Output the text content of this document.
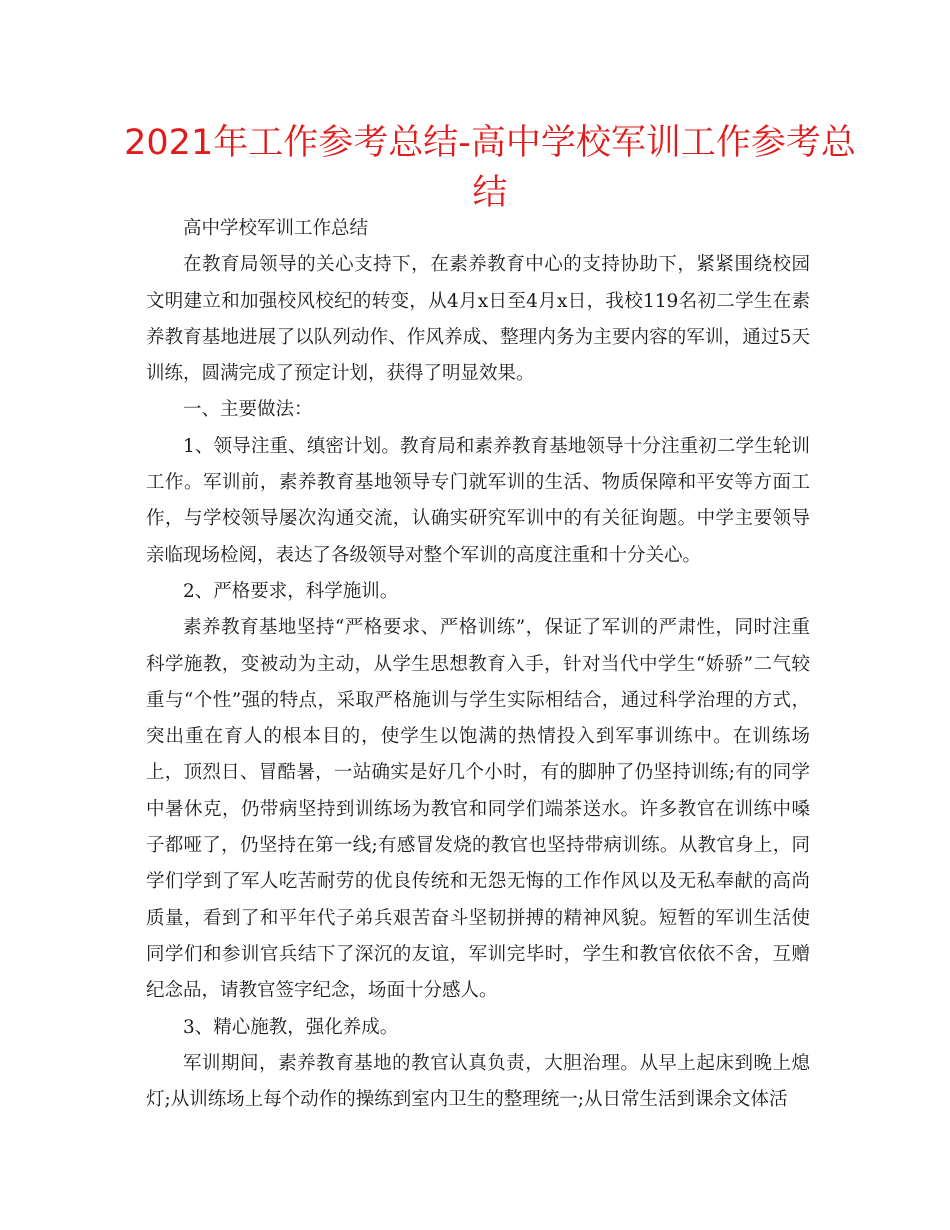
2021年工作参考总结-高中学校军训工作参考总结

高中学校军训工作总结

在教育局领导的关心支持下，在素养教育中心的支持协助下，紧紧围绕校园文明建立和加强校风校纪的转变，从4月x日至4月x日，我校119名初二学生在素养教育基地进展了以队列动作、作风养成、整理内务为主要内容的军训，通过5天训练，圆满完成了预定计划，获得了明显效果。

一、主要做法：

1、领导注重、缜密计划。教育局和素养教育基地领导十分注重初二学生轮训工作。军训前，素养教育基地领导专门就军训的生活、物质保障和平安等方面工作，与学校领导屡次沟通交流，认确实研究军训中的有关征询题。中学主要领导亲临现场检阅，表达了各级领导对整个军训的高度注重和十分关心。

2、严格要求，科学施训。

素养教育基地坚持“严格要求、严格训练”，保证了军训的严肃性，同时注重科学施教，变被动为主动，从学生思想教育入手，针对当代中学生“娇骄”二气较重与“个性”强的特点，采取严格施训与学生实际相结合，通过科学治理的方式，突出重在育人的根本目的，使学生以饱满的热情投入到军事训练中。在训练场上，顶烈日、冒酷暑，一站确实是好几个小时，有的脚肿了仍坚持训练;有的同学中暑休克，仍带病坚持到训练场为教官和同学们端茶送水。许多教官在训练中嗓子都哑了，仍坚持在第一线;有感冒发烧的教官也坚持带病训练。从教官身上，同学们学到了军人吃苦耐劳的优良传统和无怨无悔的工作作风以及无私奉献的高尚质量，看到了和平年代子弟兵艰苦奋斗坚韧拼搏的精神风貌。短暂的军训生活使同学们和参训官兵结下了深沉的友谊，军训完毕时，学生和教官依依不舍，互赠纪念品，请教官签字纪念，场面十分感人。

3、精心施教，强化养成。

军训期间，素养教育基地的教官认真负责，大胆治理。从早上起床到晚上熄灯;从训练场上每个动作的操练到室内卫生的整理统一;从日常生活到课余文体活
